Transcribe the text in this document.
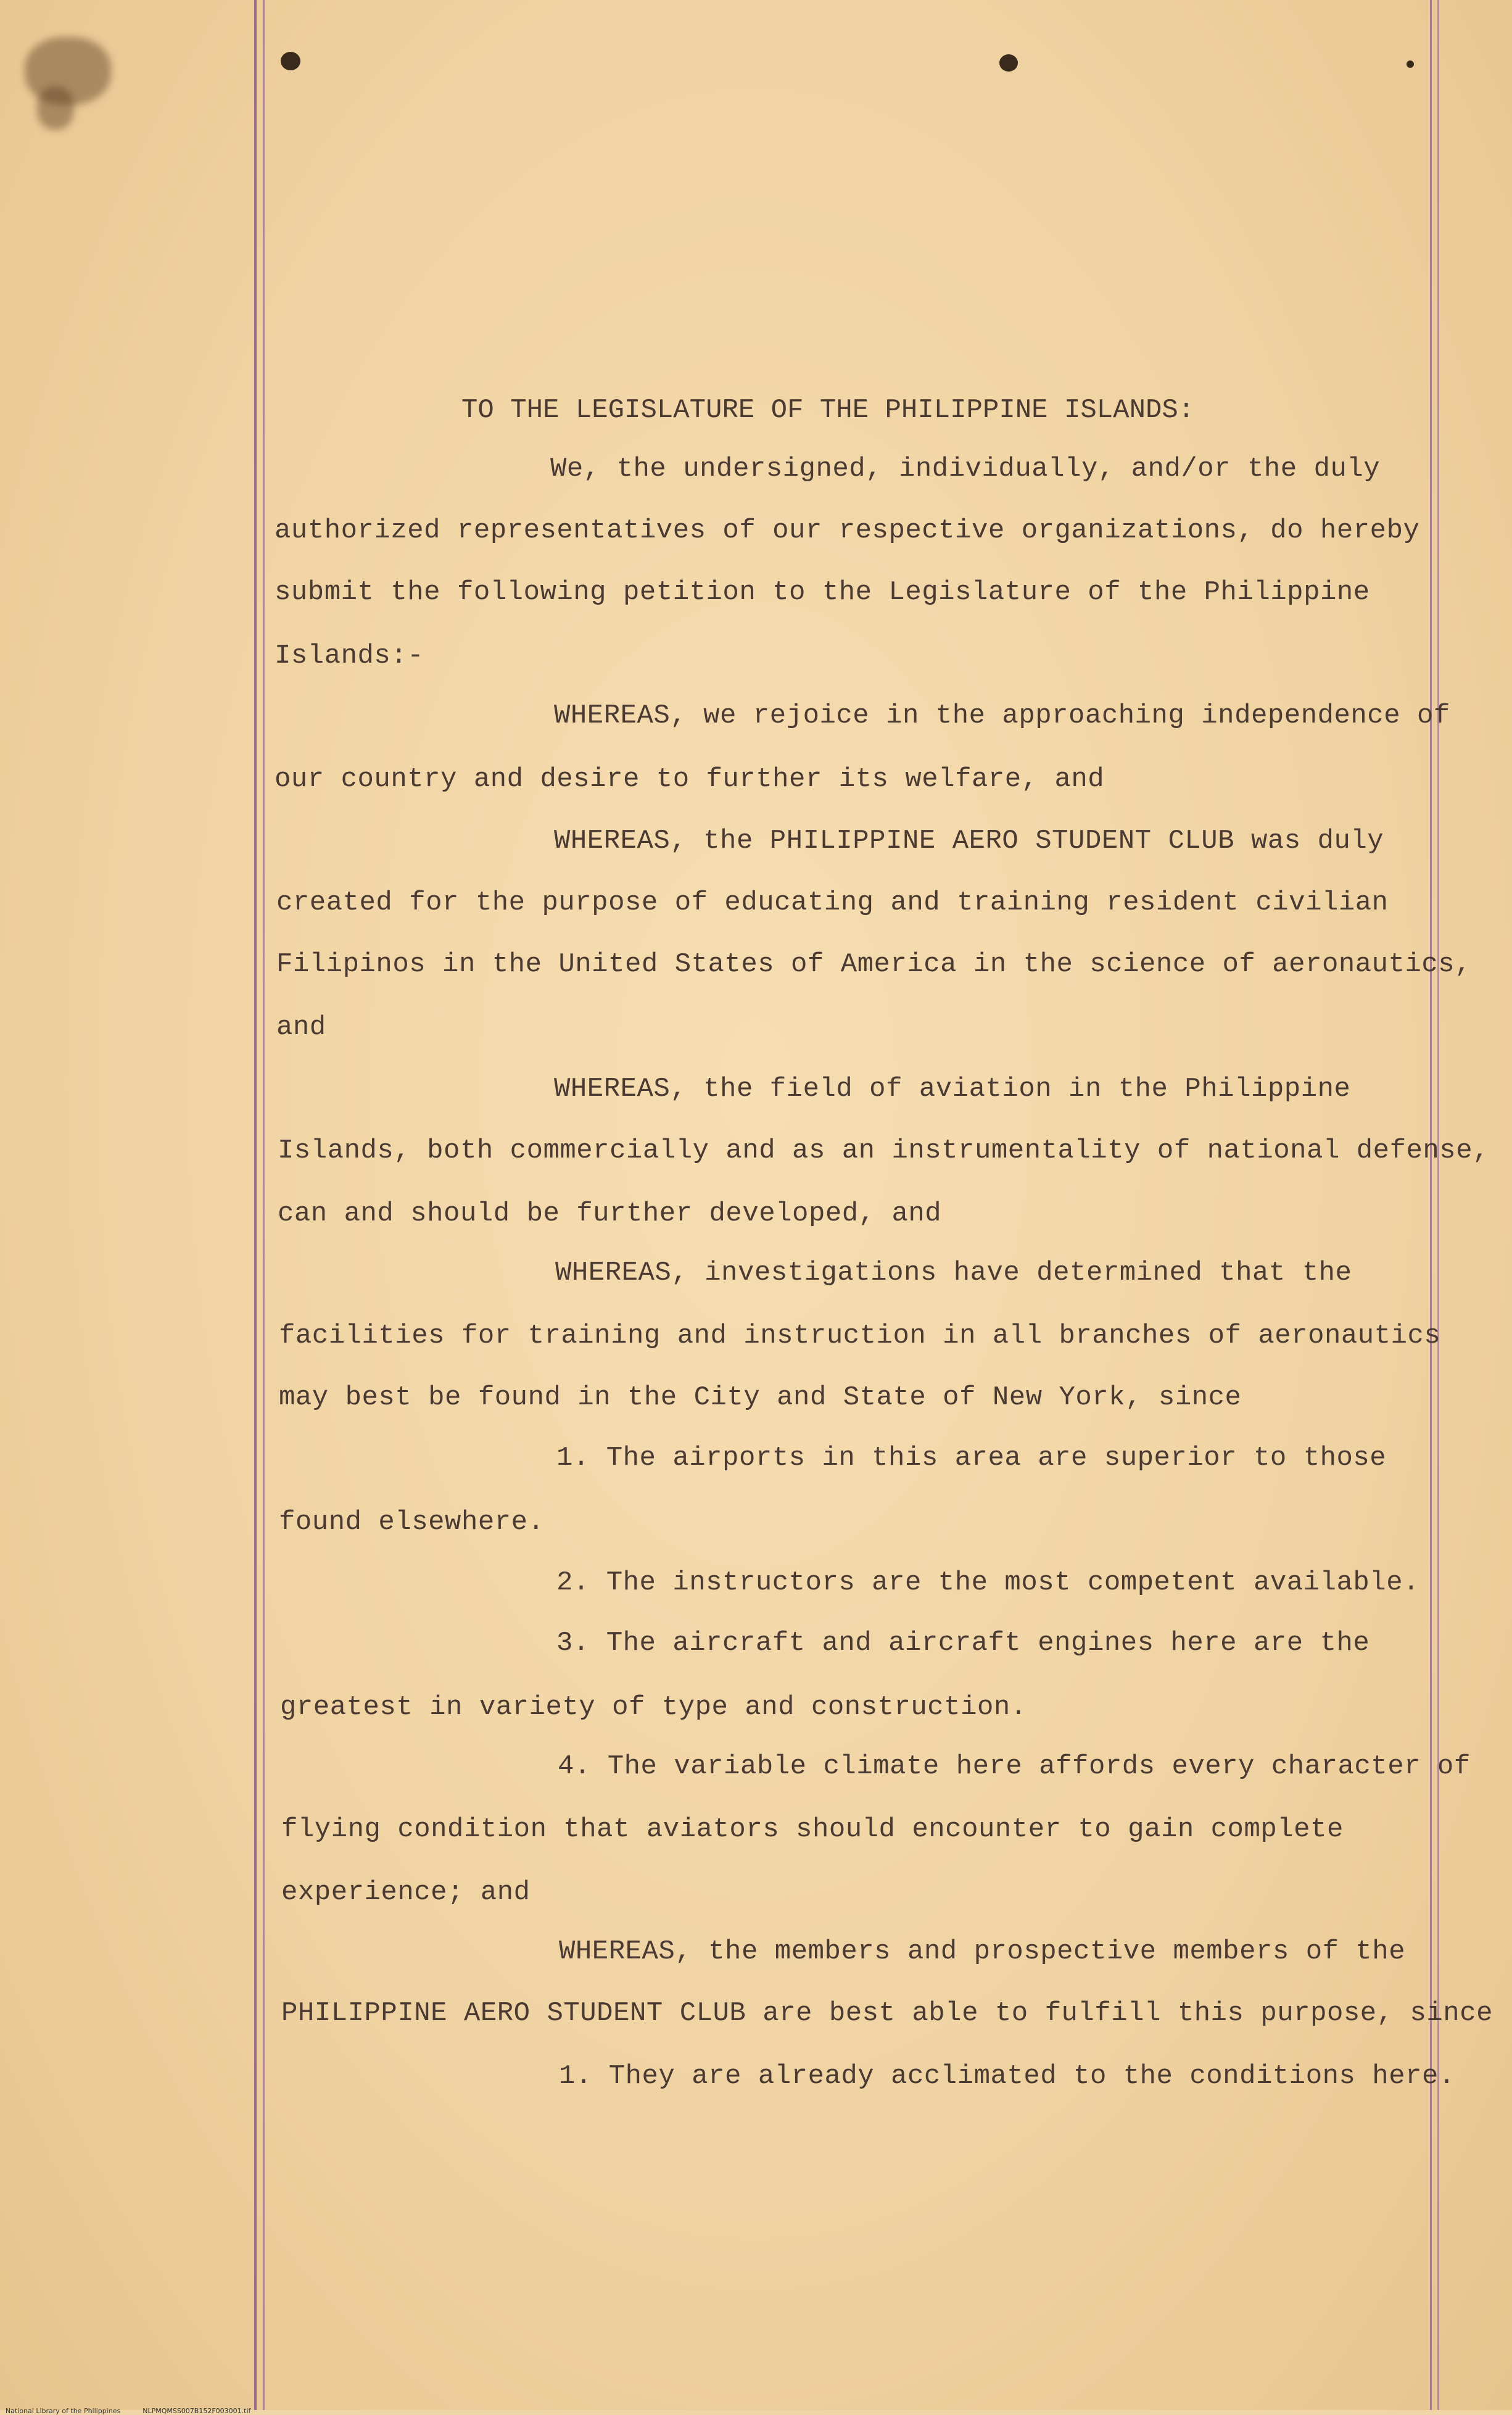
TO THE LEGISLATURE OF THE PHILIPPINE ISLANDS:
We, the undersigned, individually, and/or the duly
authorized representatives of our respective organizations, do hereby
submit the following petition to the Legislature of the Philippine
Islands:-
WHEREAS, we rejoice in the approaching independence of
our country and desire to further its welfare, and
WHEREAS, the PHILIPPINE AERO STUDENT CLUB was duly
created for the purpose of educating and training resident civilian
Filipinos in the United States of America in the science of aeronautics,
and
WHEREAS, the field of aviation in the Philippine
Islands, both commercially and as an instrumentality of national defense,
can and should be further developed, and
WHEREAS, investigations have determined that the
facilities for training and instruction in all branches of aeronautics
may best be found in the City and State of New York, since
1. The airports in this area are superior to those
found elsewhere.
2. The instructors are the most competent available.
3. The aircraft and aircraft engines here are the
greatest in variety of type and construction.
4. The variable climate here affords every character of
flying condition that aviators should encounter to gain complete
experience; and
WHEREAS, the members and prospective members of the
PHILIPPINE AERO STUDENT CLUB are best able to fulfill this purpose, since
1. They are already acclimated to the conditions here.

National Library of the Philippines	NLPMQMSS007B152F003001.tif
